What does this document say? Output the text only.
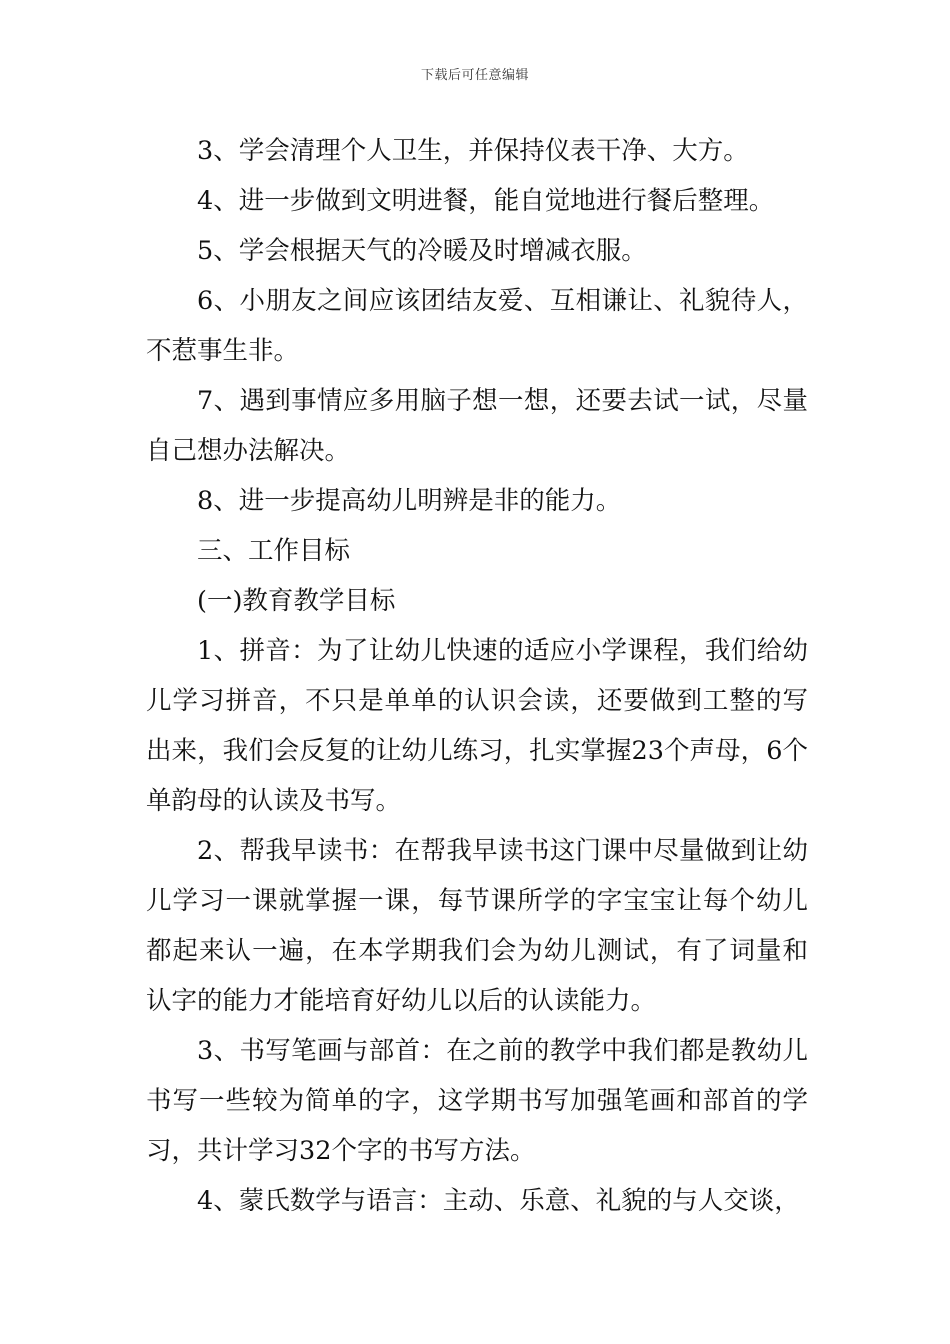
下载后可任意编辑

3、学会清理个人卫生，并保持仪表干净、大方。

4、进一步做到文明进餐，能自觉地进行餐后整理。

5、学会根据天气的冷暖及时增减衣服。

6、小朋友之间应该团结友爱、互相谦让、礼貌待人，不惹事生非。

7、遇到事情应多用脑子想一想，还要去试一试，尽量自己想办法解决。

8、进一步提高幼儿明辨是非的能力。

三、工作目标

(一)教育教学目标

1、拼音：为了让幼儿快速的适应小学课程，我们给幼儿学习拼音，不只是单单的认识会读，还要做到工整的写出来，我们会反复的让幼儿练习，扎实掌握23个声母，6个单韵母的认读及书写。

2、帮我早读书：在帮我早读书这门课中尽量做到让幼儿学习一课就掌握一课，每节课所学的字宝宝让每个幼儿都起来认一遍，在本学期我们会为幼儿测试，有了词量和认字的能力才能培育好幼儿以后的认读能力。

3、书写笔画与部首：在之前的教学中我们都是教幼儿书写一些较为简单的字，这学期书写加强笔画和部首的学习，共计学习32个字的书写方法。

4、蒙氏数学与语言：主动、乐意、礼貌的与人交谈，
